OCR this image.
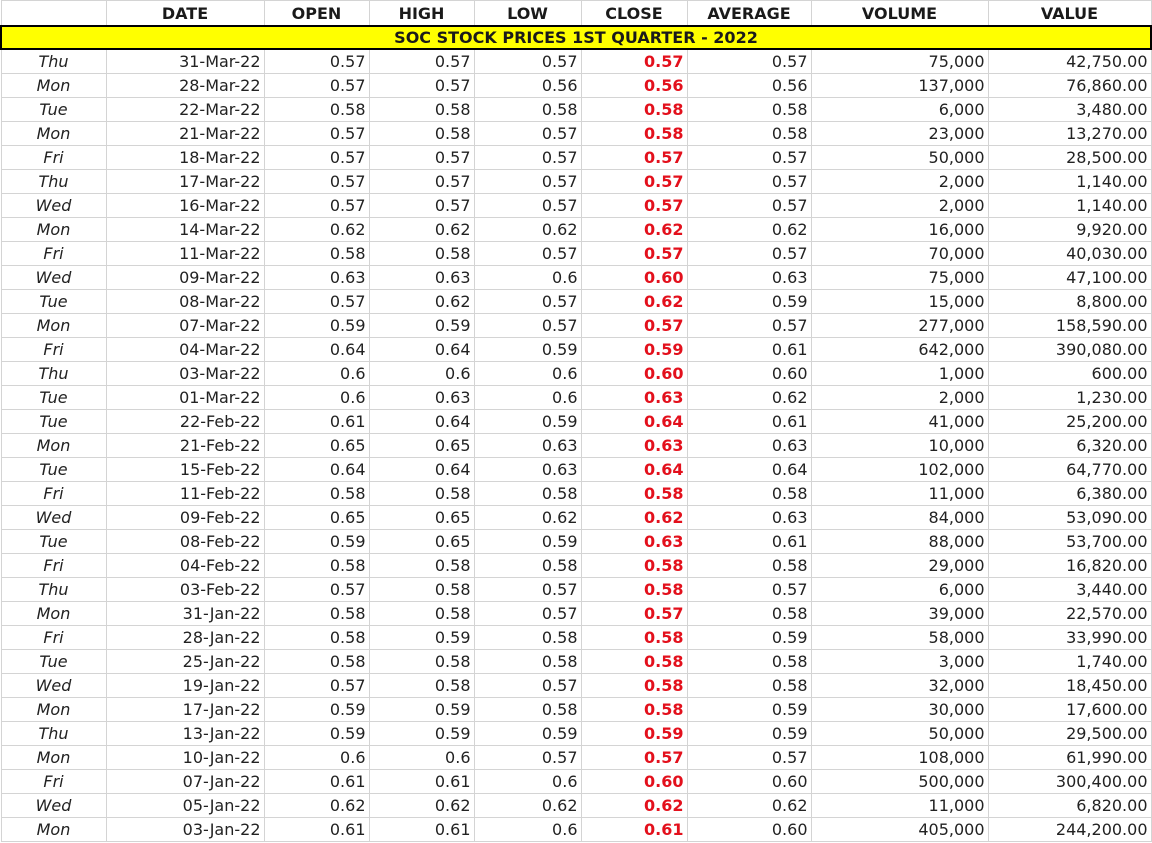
	DATE	OPEN	HIGH	LOW	CLOSE	AVERAGE	VOLUME	VALUE
SOC STOCK PRICES 1ST QUARTER - 2022								
Thu	31-Mar-22	0.57	0.57	0.57	0.57	0.57	75,000	42,750.00
Mon	28-Mar-22	0.57	0.57	0.56	0.56	0.56	137,000	76,860.00
Tue	22-Mar-22	0.58	0.58	0.58	0.58	0.58	6,000	3,480.00
Mon	21-Mar-22	0.57	0.58	0.57	0.58	0.58	23,000	13,270.00
Fri	18-Mar-22	0.57	0.57	0.57	0.57	0.57	50,000	28,500.00
Thu	17-Mar-22	0.57	0.57	0.57	0.57	0.57	2,000	1,140.00
Wed	16-Mar-22	0.57	0.57	0.57	0.57	0.57	2,000	1,140.00
Mon	14-Mar-22	0.62	0.62	0.62	0.62	0.62	16,000	9,920.00
Fri	11-Mar-22	0.58	0.58	0.57	0.57	0.57	70,000	40,030.00
Wed	09-Mar-22	0.63	0.63	0.6	0.60	0.63	75,000	47,100.00
Tue	08-Mar-22	0.57	0.62	0.57	0.62	0.59	15,000	8,800.00
Mon	07-Mar-22	0.59	0.59	0.57	0.57	0.57	277,000	158,590.00
Fri	04-Mar-22	0.64	0.64	0.59	0.59	0.61	642,000	390,080.00
Thu	03-Mar-22	0.6	0.6	0.6	0.60	0.60	1,000	600.00
Tue	01-Mar-22	0.6	0.63	0.6	0.63	0.62	2,000	1,230.00
Tue	22-Feb-22	0.61	0.64	0.59	0.64	0.61	41,000	25,200.00
Mon	21-Feb-22	0.65	0.65	0.63	0.63	0.63	10,000	6,320.00
Tue	15-Feb-22	0.64	0.64	0.63	0.64	0.64	102,000	64,770.00
Fri	11-Feb-22	0.58	0.58	0.58	0.58	0.58	11,000	6,380.00
Wed	09-Feb-22	0.65	0.65	0.62	0.62	0.63	84,000	53,090.00
Tue	08-Feb-22	0.59	0.65	0.59	0.63	0.61	88,000	53,700.00
Fri	04-Feb-22	0.58	0.58	0.58	0.58	0.58	29,000	16,820.00
Thu	03-Feb-22	0.57	0.58	0.57	0.58	0.57	6,000	3,440.00
Mon	31-Jan-22	0.58	0.58	0.57	0.57	0.58	39,000	22,570.00
Fri	28-Jan-22	0.58	0.59	0.58	0.58	0.59	58,000	33,990.00
Tue	25-Jan-22	0.58	0.58	0.58	0.58	0.58	3,000	1,740.00
Wed	19-Jan-22	0.57	0.58	0.57	0.58	0.58	32,000	18,450.00
Mon	17-Jan-22	0.59	0.59	0.58	0.58	0.59	30,000	17,600.00
Thu	13-Jan-22	0.59	0.59	0.59	0.59	0.59	50,000	29,500.00
Mon	10-Jan-22	0.6	0.6	0.57	0.57	0.57	108,000	61,990.00
Fri	07-Jan-22	0.61	0.61	0.6	0.60	0.60	500,000	300,400.00
Wed	05-Jan-22	0.62	0.62	0.62	0.62	0.62	11,000	6,820.00
Mon	03-Jan-22	0.61	0.61	0.6	0.61	0.60	405,000	244,200.00
